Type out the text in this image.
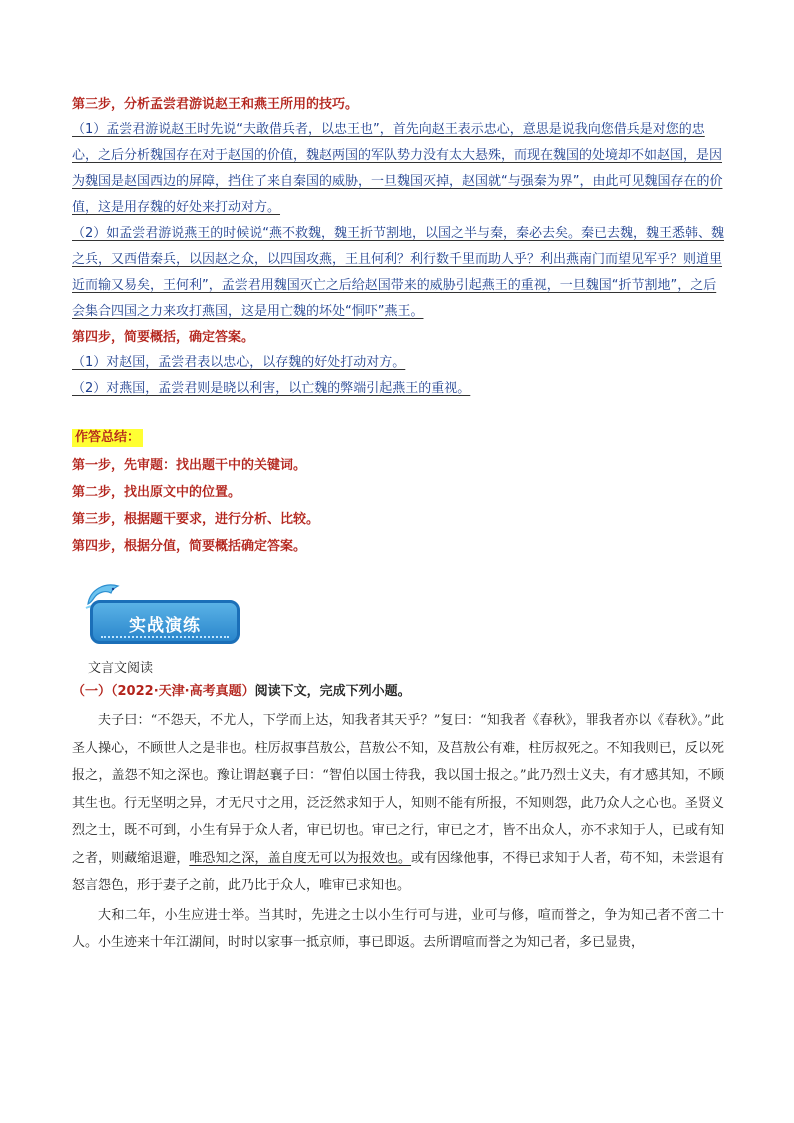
第三步，分析孟尝君游说赵王和燕王所用的技巧。
（1）孟尝君游说赵王时先说“夫敢借兵者，以忠王也”，首先向赵王表示忠心，意思是说我向您借兵是对您的忠心，之后分析魏国存在对于赵国的价值，魏赵两国的军队势力没有太大悬殊，而现在魏国的处境却不如赵国，是因为魏国是赵国西边的屏障，挡住了来自秦国的威胁，一旦魏国灭掉，赵国就“与强秦为界”，由此可见魏国存在的价值，这是用存魏的好处来打动对方。
（2）如孟尝君游说燕王的时候说“燕不救魏，魏王折节割地，以国之半与秦，秦必去矣。秦已去魏，魏王悉韩、魏之兵，又西借秦兵，以因赵之众，以四国攻燕，王且何利？利行数千里而助人乎？利出燕南门而望见军乎？则道里近而输又易矣，王何利”，孟尝君用魏国灭亡之后给赵国带来的威胁引起燕王的重视，一旦魏国“折节割地”，之后会集合四国之力来攻打燕国，这是用亡魏的坏处“恫吓”燕王。
第四步，简要概括，确定答案。
（1）对赵国，孟尝君表以忠心，以存魏的好处打动对方。
（2）对燕国，孟尝君则是晓以利害，以亡魏的弊端引起燕王的重视。
作答总结：
第一步，先审题：找出题干中的关键词。
第二步，找出原文中的位置。
第三步，根据题干要求，进行分析、比较。
第四步，根据分值，简要概括确定答案。
实战演练
文言文阅读
（一）（2022·天津·高考真题）阅读下文，完成下列小题。
夫子曰：“不怨天，不尤人，下学而上达，知我者其天乎？”复曰：“知我者《春秋》，罪我者亦以《春秋》。”此圣人操心，不顾世人之是非也。柱厉叔事莒敖公，莒敖公不知，及莒敖公有难，柱厉叔死之。不知我则已，反以死报之，盖怨不知之深也。豫让谓赵襄子曰：“智伯以国士待我，我以国士报之。”此乃烈士义夫，有才感其知，不顾其生也。行无坚明之异，才无尺寸之用，泛泛然求知于人，知则不能有所报，不知则怨，此乃众人之心也。圣贤义烈之士，既不可到，小生有异于众人者，审已切也。审已之行，审已之才，皆不出众人，亦不求知于人，已或有知之者，则藏缩退避，唯恐知之深，盖自度无可以为报效也。或有因缘他事，不得已求知于人者，苟不知，未尝退有怒言怨色，形于妻子之前，此乃比于众人，唯审已求知也。
大和二年，小生应进士举。当其时，先进之士以小生行可与进，业可与修，喧而誉之，争为知己者不啻二十人。小生迹来十年江湖间，时时以家事一抵京师，事已即返。去所谓喧而誉之为知己者，多已显贵，
